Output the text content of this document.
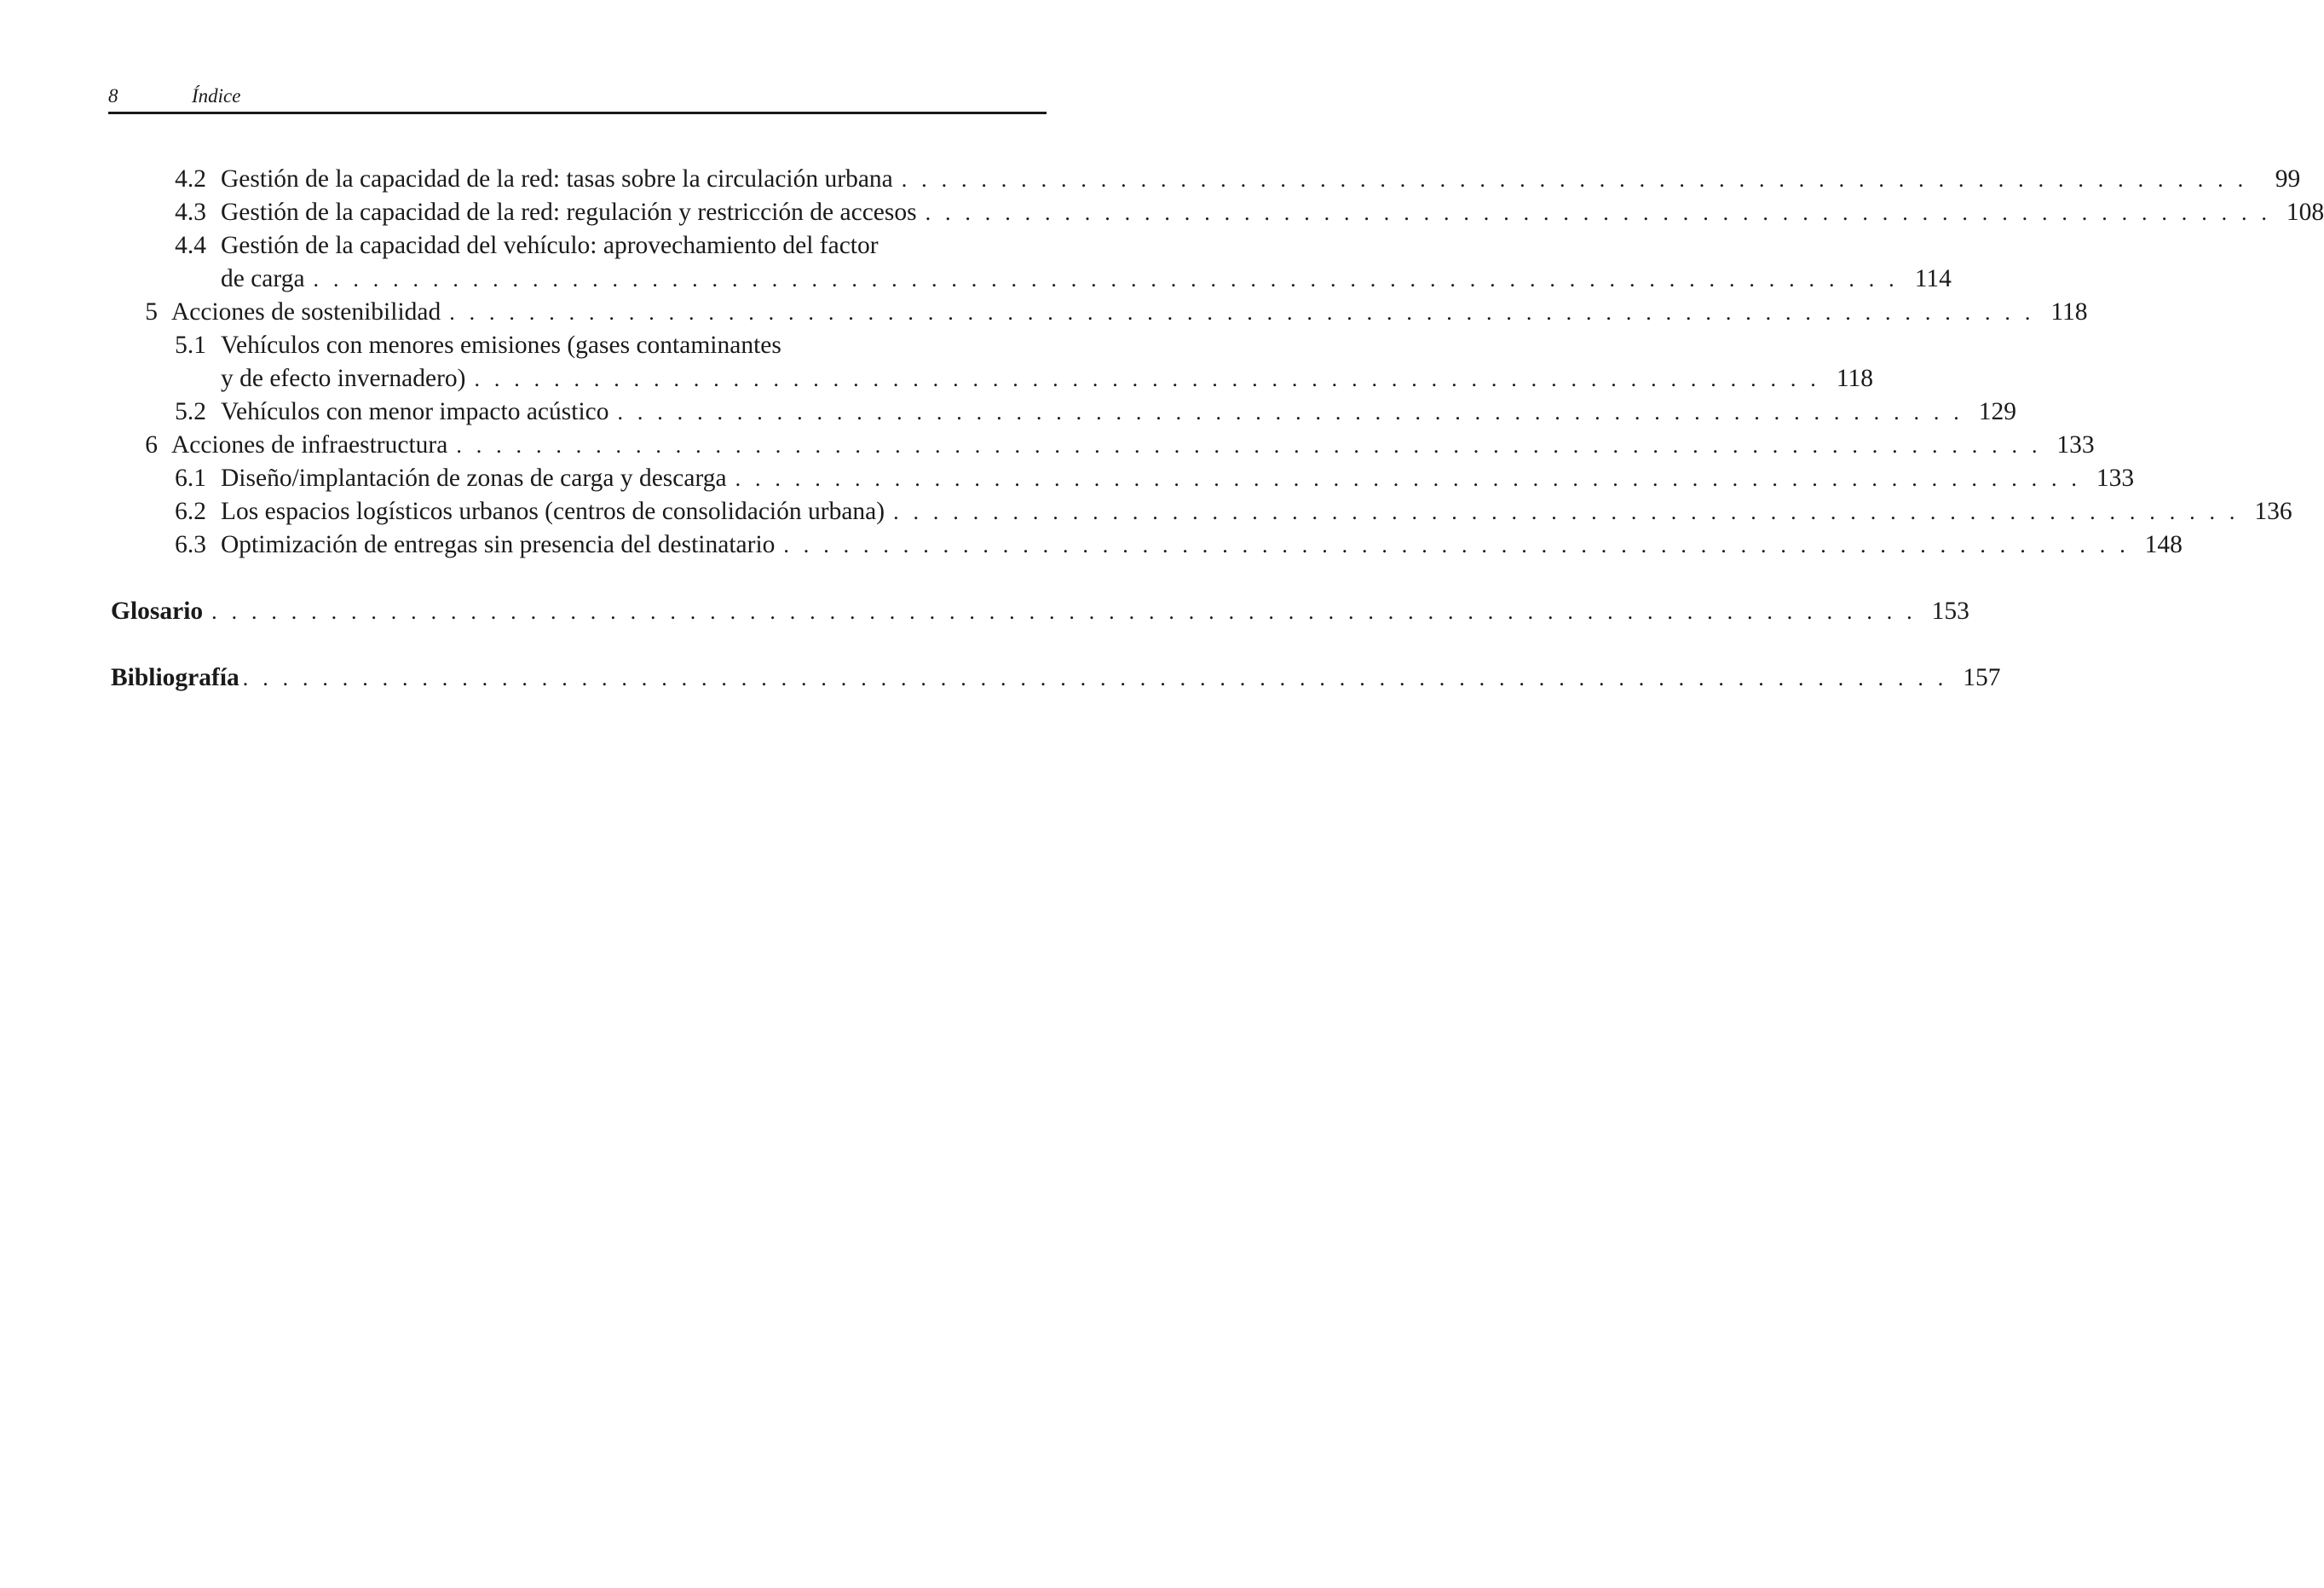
8	Índice
4.2 Gestión de la capacidad de la red: tasas sobre la circulación urbana . . . . . . . . . . . . . . . . . . . . . . . . . . . . . . . . . . . . . . . . . . . . . . . . . . . . . . . . . . . . . . . . . . . .	99
4.3 Gestión de la capacidad de la red: regulación y restricción de accesos . . . . . . . . . . . . . . . . . . . . . . . . . . . . . . . . . . . . . . . . . . . . . . . . . . . . . . . . . . . . . . . . . . . . 108
4.4 Gestión de la capacidad del vehículo: aprovechamiento del factor
de carga . . . . . . . . . . . . . . . . . . . . . . . . . . . . . . . . . . . . . . . . . . . . . . . . . . . . . . . . . . . . . . . . . . . . . . . . . . . . . . . . 114
5 Acciones de sostenibilidad . . . . . . . . . . . . . . . . . . . . . . . . . . . . . . . . . . . . . . . . . . . . . . . . . . . . . . . . . . . . . . . . . . . . . . . . . . . . . . . . 118
5.1 Vehículos con menores emisiones (gases contaminantes
y de efecto invernadero) . . . . . . . . . . . . . . . . . . . . . . . . . . . . . . . . . . . . . . . . . . . . . . . . . . . . . . . . . . . . . . . . . . . . 118
5.2 Vehículos con menor impacto acústico . . . . . . . . . . . . . . . . . . . . . . . . . . . . . . . . . . . . . . . . . . . . . . . . . . . . . . . . . . . . . . . . . . . . 129
6 Acciones de infraestructura . . . . . . . . . . . . . . . . . . . . . . . . . . . . . . . . . . . . . . . . . . . . . . . . . . . . . . . . . . . . . . . . . . . . . . . . . . . . . . . . 133
6.1 Diseño/implantación de zonas de carga y descarga . . . . . . . . . . . . . . . . . . . . . . . . . . . . . . . . . . . . . . . . . . . . . . . . . . . . . . . . . . . . . . . . . . . . 133
6.2 Los espacios logísticos urbanos (centros de consolidación urbana) . . . . . . . . . . . . . . . . . . . . . . . . . . . . . . . . . . . . . . . . . . . . . . . . . . . . . . . . . . . . . . . . . . . . 136
6.3 Optimización de entregas sin presencia del destinatario . . . . . . . . . . . . . . . . . . . . . . . . . . . . . . . . . . . . . . . . . . . . . . . . . . . . . . . . . . . . . . . . . . . . 148
Glosario . . . . . . . . . . . . . . . . . . . . . . . . . . . . . . . . . . . . . . . . . . . . . . . . . . . . . . . . . . . . . . . . . . . . . . . . . . . . . . . . . . . . . . 153
Bibliografía . . . . . . . . . . . . . . . . . . . . . . . . . . . . . . . . . . . . . . . . . . . . . . . . . . . . . . . . . . . . . . . . . . . . . . . . . . . . . . . . . . . . . . 157
